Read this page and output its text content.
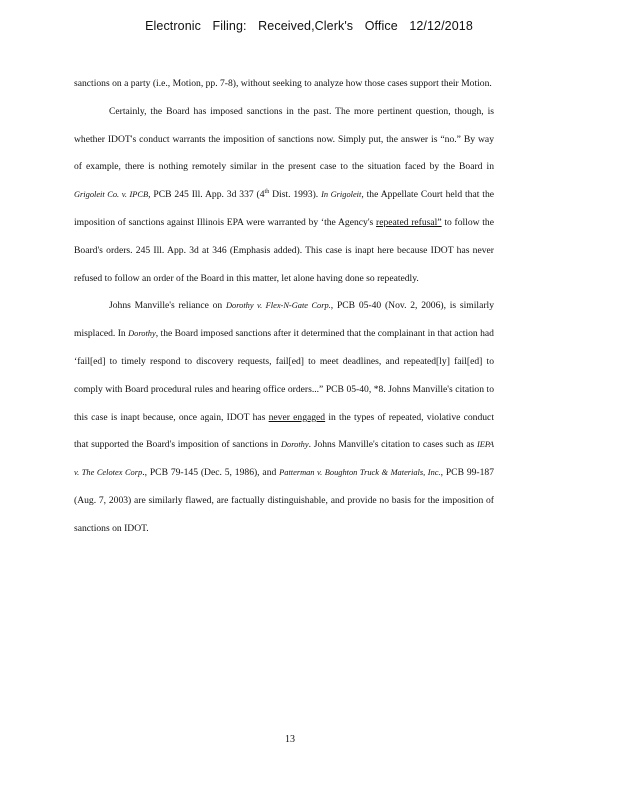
Electronic Filing: Received,Clerk's Office 12/12/2018

sanctions on a party (i.e., Motion, pp. 7-8), without seeking to analyze how those cases support their Motion.

Certainly, the Board has imposed sanctions in the past. The more pertinent question, though, is whether IDOT's conduct warrants the imposition of sanctions now. Simply put, the answer is “no.” By way of example, there is nothing remotely similar in the present case to the situation faced by the Board in Grigoleit Co. v. IPCB, PCB 245 Ill. App. 3d 337 (4th Dist. 1993). In Grigoleit, the Appellate Court held that the imposition of sanctions against Illinois EPA were warranted by ‘the Agency's repeated refusal” to follow the Board's orders. 245 Ill. App. 3d at 346 (Emphasis added). This case is inapt here because IDOT has never refused to follow an order of the Board in this matter, let alone having done so repeatedly.

Johns Manville's reliance on Dorothy v. Flex-N-Gate Corp., PCB 05-40 (Nov. 2, 2006), is similarly misplaced. In Dorothy, the Board imposed sanctions after it determined that the complainant in that action had ‘fail[ed] to timely respond to discovery requests, fail[ed] to meet deadlines, and repeated[ly] fail[ed] to comply with Board procedural rules and hearing office orders...” PCB 05-40, *8. Johns Manville's citation to this case is inapt because, once again, IDOT has never engaged in the types of repeated, violative conduct that supported the Board's imposition of sanctions in Dorothy. Johns Manville's citation to cases such as IEPA v. The Celotex Corp., PCB 79-145 (Dec. 5, 1986), and Patterman v. Boughton Truck & Materials, Inc., PCB 99-187 (Aug. 7, 2003) are similarly flawed, are factually distinguishable, and provide no basis for the imposition of sanctions on IDOT.

13
